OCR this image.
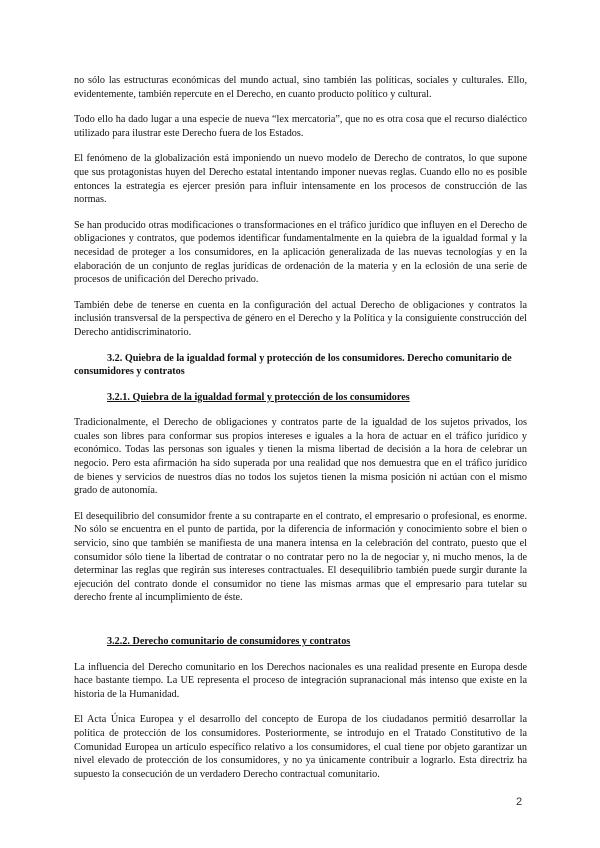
no sólo las estructuras económicas del mundo actual, sino también las políticas, sociales y culturales. Ello, evidentemente, también repercute en el Derecho, en cuanto producto político y cultural.

Todo ello ha dado lugar a una especie de nueva “lex mercatoria”, que no es otra cosa que el recurso dialéctico utilizado para ilustrar este Derecho fuera de los Estados.

El fenómeno de la globalización está imponiendo un nuevo modelo de Derecho de contratos, lo que supone que sus protagonistas huyen del Derecho estatal intentando imponer nuevas reglas. Cuando ello no es posible entonces la estrategia es ejercer presión para influir intensamente en los procesos de construcción de las normas.

Se han producido otras modificaciones o transformaciones en el tráfico jurídico que influyen en el Derecho de obligaciones y contratos, que podemos identificar fundamentalmente en la quiebra de la igualdad formal y la necesidad de proteger a los consumidores, en la aplicación generalizada de las nuevas tecnologías y en la elaboración de un conjunto de reglas jurídicas de ordenación de la materia y en la eclosión de una serie de procesos de unificación del Derecho privado.

También debe de tenerse en cuenta en la configuración del actual Derecho de obligaciones y contratos la inclusión transversal de la perspectiva de género en el Derecho y la Política y la consiguiente construcción del Derecho antidiscriminatorio.

3.2. Quiebra de la igualdad formal y protección de los consumidores. Derecho comunitario de consumidores y contratos

3.2.1. Quiebra de la igualdad formal y protección de los consumidores

Tradicionalmente, el Derecho de obligaciones y contratos parte de la igualdad de los sujetos privados, los cuales son libres para conformar sus propios intereses e iguales a la hora de actuar en el tráfico jurídico y económico. Todas las personas son iguales y tienen la misma libertad de decisión a la hora de celebrar un negocio. Pero esta afirmación ha sido superada por una realidad que nos demuestra que en el tráfico jurídico de bienes y servicios de nuestros días no todos los sujetos tienen la misma posición ni actúan con el mismo grado de autonomía.

El desequilibrio del consumidor frente a su contraparte en el contrato, el empresario o profesional, es enorme. No sólo se encuentra en el punto de partida, por la diferencia de información y conocimiento sobre el bien o servicio, sino que también se manifiesta de una manera intensa en la celebración del contrato, puesto que el consumidor sólo tiene la libertad de contratar o no contratar pero no la de negociar y, ni mucho menos, la de determinar las reglas que regirán sus intereses contractuales. El desequilibrio también puede surgir durante la ejecución del contrato donde el consumidor no tiene las mismas armas que el empresario para tutelar su derecho frente al incumplimiento de éste.

3.2.2. Derecho comunitario de consumidores y contratos

La influencia del Derecho comunitario en los Derechos nacionales es una realidad presente en Europa desde hace bastante tiempo. La UE representa el proceso de integración supranacional más intenso que existe en la historia de la Humanidad.

El Acta Única Europea y el desarrollo del concepto de Europa de los ciudadanos permitió desarrollar la política de protección de los consumidores. Posteriormente, se introdujo en el Tratado Constitutivo de la Comunidad Europea un artículo específico relativo a los consumidores, el cual tiene por objeto garantizar un nivel elevado de protección de los consumidores, y no ya únicamente contribuir a lograrlo. Esta directriz ha supuesto la consecución de un verdadero Derecho contractual comunitario.

2
